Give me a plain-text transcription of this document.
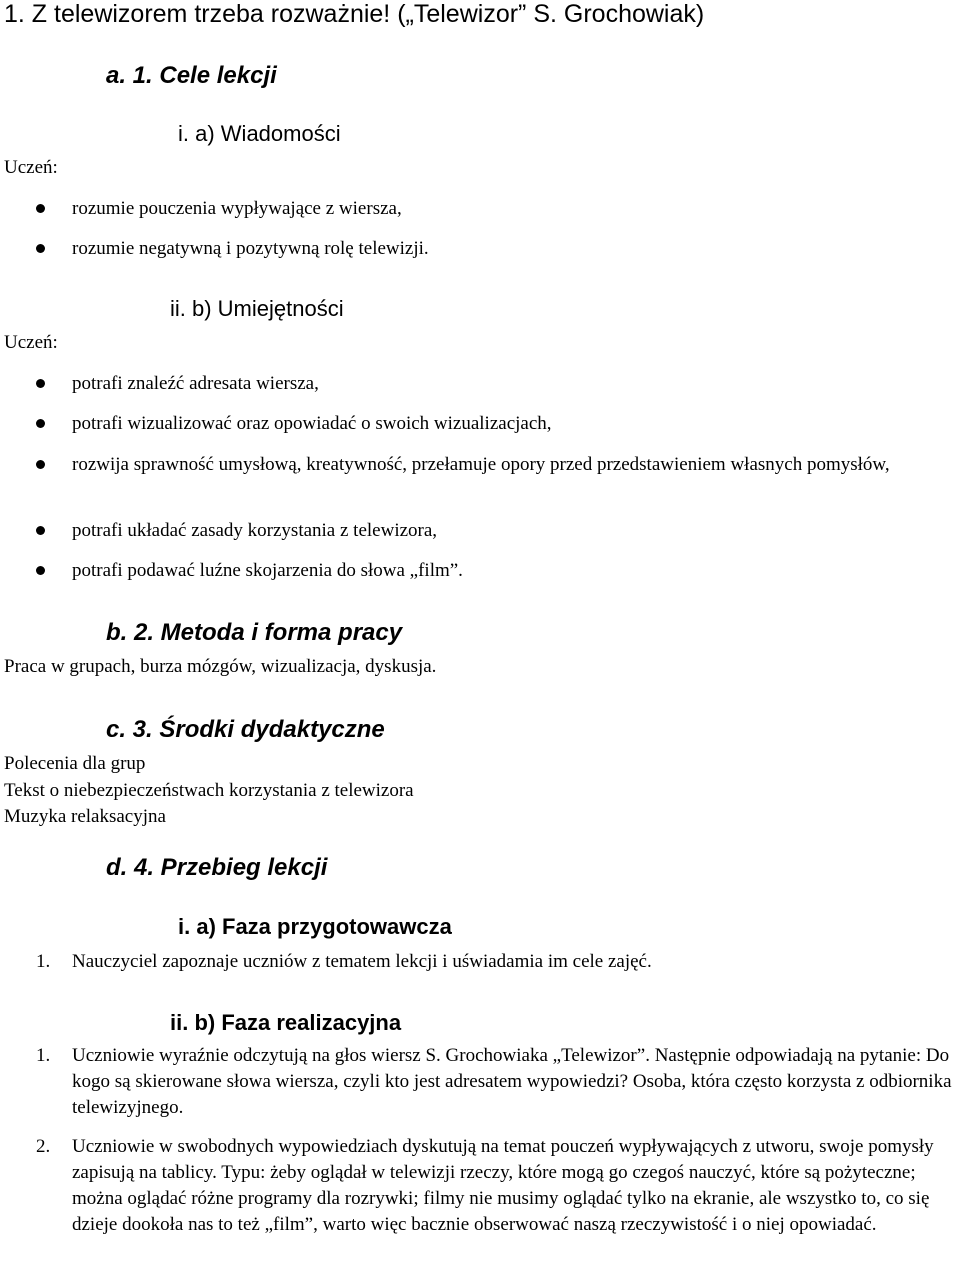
1. Z telewizorem trzeba rozważnie! („Telewizor” S. Grochowiak)
a. 1. Cele lekcji
i. a) Wiadomości
Uczeń:
rozumie pouczenia wypływające z wiersza,
rozumie negatywną i pozytywną rolę telewizji.
ii. b) Umiejętności
Uczeń:
potrafi znaleźć adresata wiersza,
potrafi wizualizować oraz opowiadać o swoich wizualizacjach,
rozwija sprawność umysłową, kreatywność, przełamuje opory przed przedstawieniem własnych pomysłów,
potrafi układać zasady korzystania z telewizora,
potrafi podawać luźne skojarzenia do słowa „film”.
b. 2. Metoda i forma pracy
Praca w grupach, burza mózgów, wizualizacja, dyskusja.
c. 3. Środki dydaktyczne
Polecenia dla grup
Tekst o niebezpieczeństwach korzystania z telewizora
Muzyka relaksacyjna
d. 4. Przebieg lekcji
i. a) Faza przygotowawcza
1. Nauczyciel zapoznaje uczniów z tematem lekcji i uświadamia im cele zajęć.
ii. b) Faza realizacyjna
1. Uczniowie wyraźnie odczytują na głos wiersz S. Grochowiaka „Telewizor”. Następnie odpowiadają na pytanie: Do kogo są skierowane słowa wiersza, czyli kto jest adresatem wypowiedzi? Osoba, która często korzysta z odbiornika telewizyjnego.
2. Uczniowie w swobodnych wypowiedziach dyskutują na temat pouczeń wypływających z utworu, swoje pomysły zapisują na tablicy. Typu: żeby oglądał w telewizji rzeczy, które mogą go czegoś nauczyć, które są pożyteczne; można oglądać różne programy dla rozrywki; filmy nie musimy oglądać tylko na ekranie, ale wszystko to, co się dzieje dookoła nas to też „film”, warto więc bacznie obserwować naszą rzeczywistość i o niej opowiadać.
